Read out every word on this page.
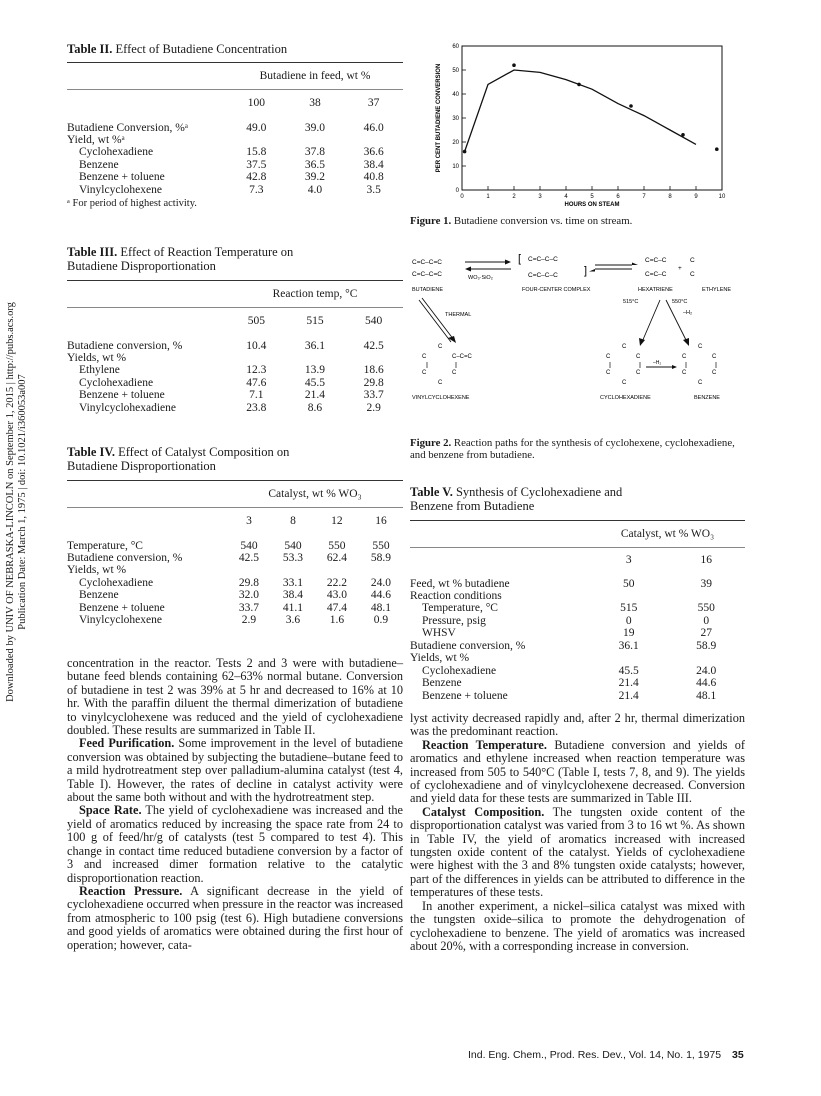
Downloaded by UNIV OF NEBRASKA-LINCOLN on September 1, 2015 | http://pubs.acs.org
Publication Date: March 1, 1975 | doi: 10.1021/i360053a007
Table II. Effect of Butadiene Concentration
	Butadiene in feed, wt %		
	100	38	37
Butadiene Conversion, %ᵃ	49.0	39.0	46.0
Yield, wt %ᵃ			
Cyclohexadiene	15.8	37.8	36.6
Benzene	37.5	36.5	38.4
Benzene + toluene	42.8	39.2	40.8
Vinylcyclohexene	7.3	4.0	3.5
ᵃ For period of highest activity.
Table III. Effect of Reaction Temperature on
Butadiene Disproportionation
	Reaction temp, °C		
	505	515	540
Butadiene conversion, %	10.4	36.1	42.5
Yields, wt %			
Ethylene	12.3	13.9	18.6
Cyclohexadiene	47.6	45.5	29.8
Benzene + toluene	7.1	21.4	33.7
Vinylcyclohexadiene	23.8	8.6	2.9
Table IV. Effect of Catalyst Composition on
Butadiene Disproportionation
	Catalyst, wt % WO₃			
	3	8	12	16
Temperature, °C	540	540	550	550
Butadiene conversion, %	42.5	53.3	62.4	58.9
Yields, wt %				
Cyclohexadiene	29.8	33.1	22.2	24.0
Benzene	32.0	38.4	43.0	44.6
Benzene + toluene	33.7	41.1	47.4	48.1
Vinylcyclohexene	2.9	3.6	1.6	0.9

concentration in the reactor. Tests 2 and 3 were with butadiene–butane feed blends containing 62–63% normal butane. Conversion of butadiene in test 2 was 39% at 5 hr and decreased to 16% at 10 hr. With the paraffin diluent the thermal dimerization of butadiene to vinylcyclohexene was reduced and the yield of cyclohexadiene doubled. These results are summarized in Table II.

Feed Purification. Some improvement in the level of butadiene conversion was obtained by subjecting the butadiene–butane feed to a mild hydrotreatment step over palladium-alumina catalyst (test 4, Table I). However, the rates of decline in catalyst activity were about the same both without and with the hydrotreatment step.

Space Rate. The yield of cyclohexadiene was increased and the yield of aromatics reduced by increasing the space rate from 24 to 100 g of feed/hr/g of catalysts (test 5 compared to test 4). This change in contact time reduced butadiene conversion by a factor of 3 and increased dimer formation relative to the catalytic disproportionation reaction.

Reaction Pressure. A significant decrease in the yield of cyclohexadiene occurred when pressure in the reactor was increased from atmospheric to 100 psig (test 6). High butadiene conversions and good yields of aromatics were obtained during the first hour of operation; however, cata-

0	1	2	3	4	5	6	7	8	9	10
0
10
20
30
40
50
60
HOURS ON STEAM
PER CENT BUTADIENE CONVERSION
Figure 1. Butadiene conversion vs. time on stream.
C=C–C=C
C=C–C=C	WO₃·SiO₂
[ C=C–C–C
C=C–C–C ]
C=C–C
C=C–C
+
C
C
BUTADIENE	FOUR-CENTER COMPLEX	HEXATRIENE	ETHYLENE
THERMAL
515°C	550°C
–H₂
C
C
C–C=C
C	C
C
C
C
C
C	C
C
–H₂
C
C
C
C	C
C
VINYLCYCLOHEXENE	CYCLOHEXADIENE	BENZENE
Figure 2. Reaction paths for the synthesis of cyclohexene, cyclohexadiene, and benzene from butadiene.
Table V. Synthesis of Cyclohexadiene and
Benzene from Butadiene
	Catalyst, wt % WO₃	
	3	16
Feed, wt % butadiene	50	39
Reaction conditions		
Temperature, °C	515	550
Pressure, psig	0	0
WHSV	19	27
Butadiene conversion, %	36.1	58.9
Yields, wt %		
Cyclohexadiene	45.5	24.0
Benzene	21.4	44.6
Benzene + toluene	21.4	48.1

lyst activity decreased rapidly and, after 2 hr, thermal dimerization was the predominant reaction.

Reaction Temperature. Butadiene conversion and yields of aromatics and ethylene increased when reaction temperature was increased from 505 to 540°C (Table I, tests 7, 8, and 9). The yields of cyclohexadiene and of vinylcyclohexene decreased. Conversion and yield data for these tests are summarized in Table III.

Catalyst Composition. The tungsten oxide content of the disproportionation catalyst was varied from 3 to 16 wt %. As shown in Table IV, the yield of aromatics increased with increased tungsten oxide content of the catalyst. Yields of cyclohexadiene were highest with the 3 and 8% tungsten oxide catalysts; however, part of the differences in yields can be attributed to difference in the temperatures of these tests.

In another experiment, a nickel–silica catalyst was mixed with the tungsten oxide–silica to promote the dehydrogenation of cyclohexadiene to benzene. The yield of aromatics was increased about 20%, with a corresponding increase in conversion.

Ind. Eng. Chem., Prod. Res. Dev., Vol. 14, No. 1, 1975 35
